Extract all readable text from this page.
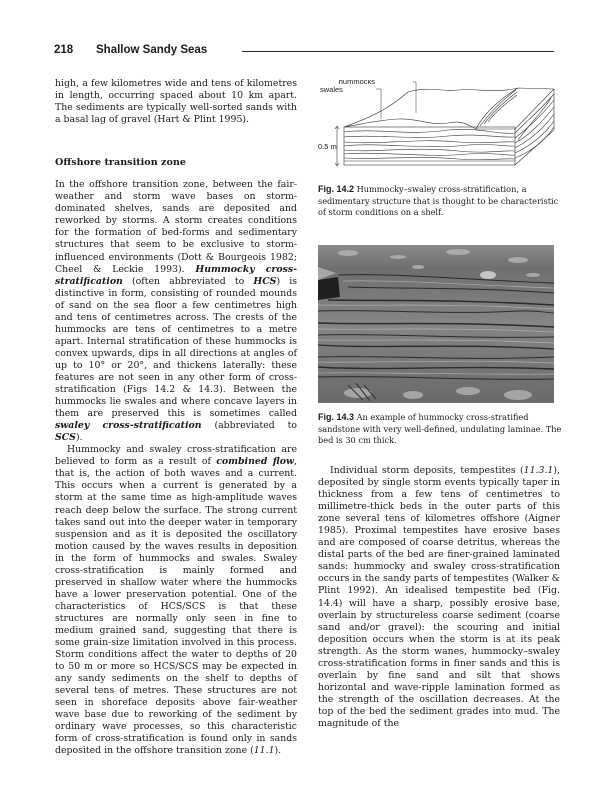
218 Shallow Sandy Seas

high, a few kilometres wide and tens of kilometres in length, occurring spaced about 10 km apart. The sediments are typically well-sorted sands with a basal lag of gravel (Hart & Plint 1995).

Offshore transition zone

In the offshore transition zone, between the fair-weather and storm wave bases on storm-dominated shelves, sands are deposited and reworked by storms. A storm creates conditions for the formation of bed-forms and sedimentary structures that seem to be exclusive to storm-influenced environments (Dott & Bourgeois 1982; Cheel & Leckie 1993). Hummocky cross-stratification (often abbreviated to HCS) is distinctive in form, consisting of rounded mounds of sand on the sea floor a few centimetres high and tens of centimetres across. The crests of the hummocks are tens of centimetres to a metre apart. Internal stratification of these hummocks is convex upwards, dips in all directions at angles of up to 10° or 20°, and thickens laterally: these features are not seen in any other form of cross-stratification (Figs 14.2 & 14.3). Between the hummocks lie swales and where concave layers in them are preserved this is sometimes called swaley cross-stratification (abbreviated to SCS).

Hummocky and swaley cross-stratification are believed to form as a result of combined flow, that is, the action of both waves and a current. This occurs when a current is generated by a storm at the same time as high-amplitude waves reach deep below the surface. The strong current takes sand out into the deeper water in temporary suspension and as it is deposited the oscillatory motion caused by the waves results in deposition in the form of hummocks and swales. Swaley cross-stratification is mainly formed and preserved in shallow water where the hummocks have a lower preservation potential. One of the characteristics of HCS/SCS is that these structures are normally only seen in fine to medium grained sand, suggesting that there is some grain-size limitation involved in this process. Storm conditions affect the water to depths of 20 to 50 m or more so HCS/SCS may be expected in any sandy sediments on the shelf to depths of several tens of metres. These structures are not seen in shoreface deposits above fair-weather wave base due to reworking of the sediment by ordinary wave processes, so this characteristic form of cross-stratification is found only in sands deposited in the offshore transition zone (11.1).

hummocks
swales
0.5 m
Fig. 14.2 Hummocky–swaley cross-stratification, a sedimentary structure that is thought to be characteristic of storm conditions on a shelf.
Fig. 14.3 An example of hummocky cross-stratified sandstone with very well-defined, undulating laminae. The bed is 30 cm thick.

Individual storm deposits, tempestites (11.3.1), deposited by single storm events typically taper in thickness from a few tens of centimetres to millimetre-thick beds in the outer parts of this zone several tens of kilometres offshore (Aigner 1985). Proximal tempestites have erosive bases and are composed of coarse detritus, whereas the distal parts of the bed are finer-grained laminated sands: hummocky and swaley cross-stratification occurs in the sandy parts of tempestites (Walker & Plint 1992). An idealised tempestite bed (Fig. 14.4) will have a sharp, possibly erosive base, overlain by structureless coarse sediment (coarse sand and/or gravel): the scouring and initial deposition occurs when the storm is at its peak strength. As the storm wanes, hummocky–swaley cross-stratification forms in finer sands and this is overlain by fine sand and silt that shows horizontal and wave-ripple lamination formed as the strength of the oscillation decreases. At the top of the bed the sediment grades into mud. The magnitude of the
